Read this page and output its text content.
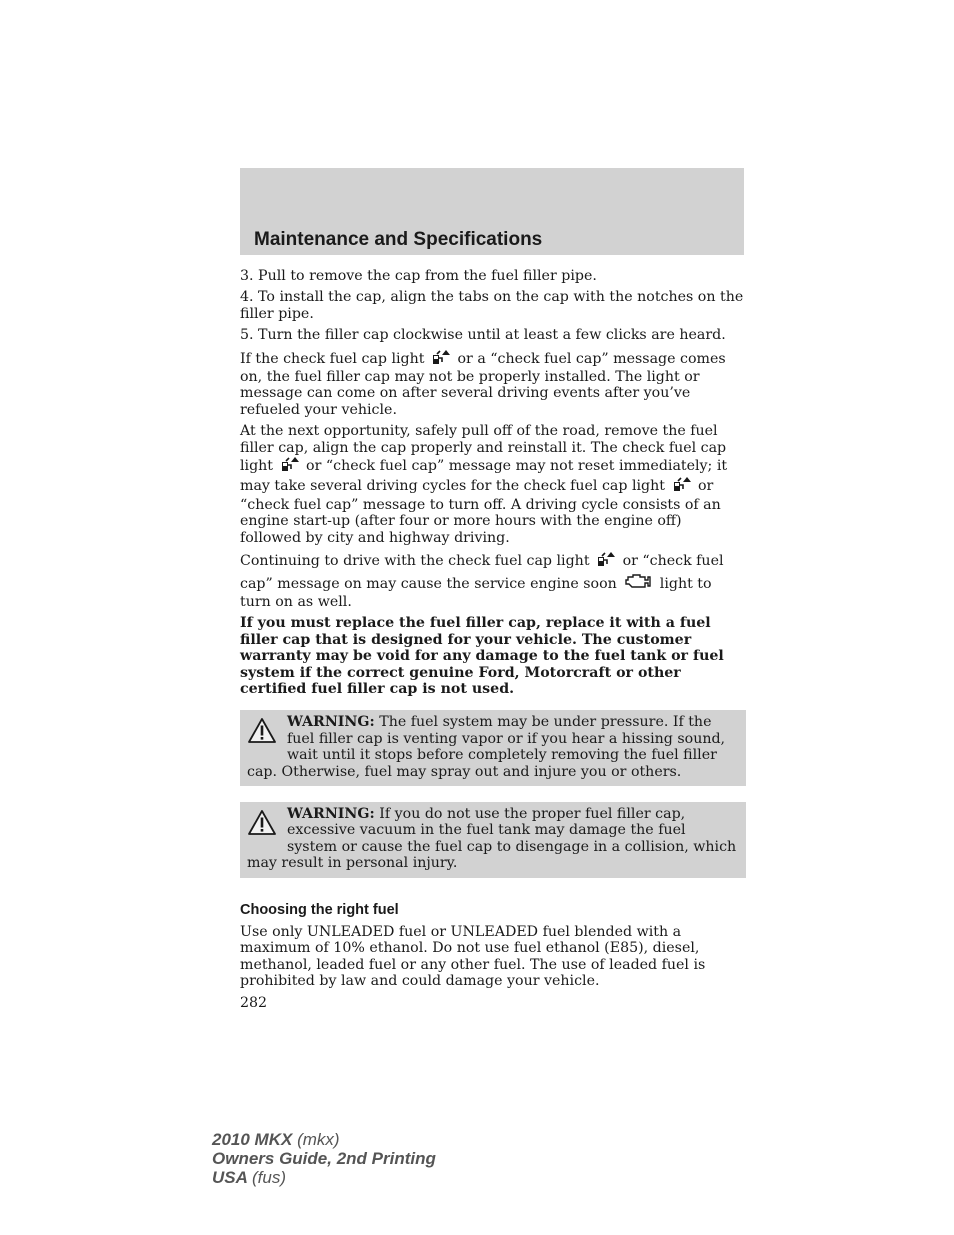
Maintenance and Specifications

3. Pull to remove the cap from the fuel filler pipe.

4. To install the cap, align the tabs on the cap with the notches on the filler pipe.

5. Turn the filler cap clockwise until at least a few clicks are heard.

If the check fuel cap light or a “check fuel cap” message comes on, the fuel filler cap may not be properly installed. The light or message can come on after several driving events after you’ve refueled your vehicle.

At the next opportunity, safely pull off of the road, remove the fuel filler cap, align the cap properly and reinstall it. The check fuel cap light or “check fuel cap” message may not reset immediately; it may take several driving cycles for the check fuel cap light or “check fuel cap” message to turn off. A driving cycle consists of an engine start-up (after four or more hours with the engine off) followed by city and highway driving.

Continuing to drive with the check fuel cap light or “check fuel cap” message on may cause the service engine soon	light to turn on as well.

If you must replace the fuel filler cap, replace it with a fuel filler cap that is designed for your vehicle. The customer warranty may be void for any damage to the fuel tank or fuel system if the correct genuine Ford, Motorcraft or other certified fuel filler cap is not used.

WARNING: The fuel system may be under pressure. If the fuel filler cap is venting vapor or if you hear a hissing sound, wait until it stops before completely removing the fuel filler cap. Otherwise, fuel may spray out and injure you or others.
WARNING: If you do not use the proper fuel filler cap, excessive vacuum in the fuel tank may damage the fuel system or cause the fuel cap to disengage in a collision, which may result in personal injury.
Choosing the right fuel

Use only UNLEADED fuel or UNLEADED fuel blended with a maximum of 10% ethanol. Do not use fuel ethanol (E85), diesel, methanol, leaded fuel or any other fuel. The use of leaded fuel is prohibited by law and could damage your vehicle.

282
2010 MKX (mkx)
Owners Guide, 2nd Printing
USA (fus)
